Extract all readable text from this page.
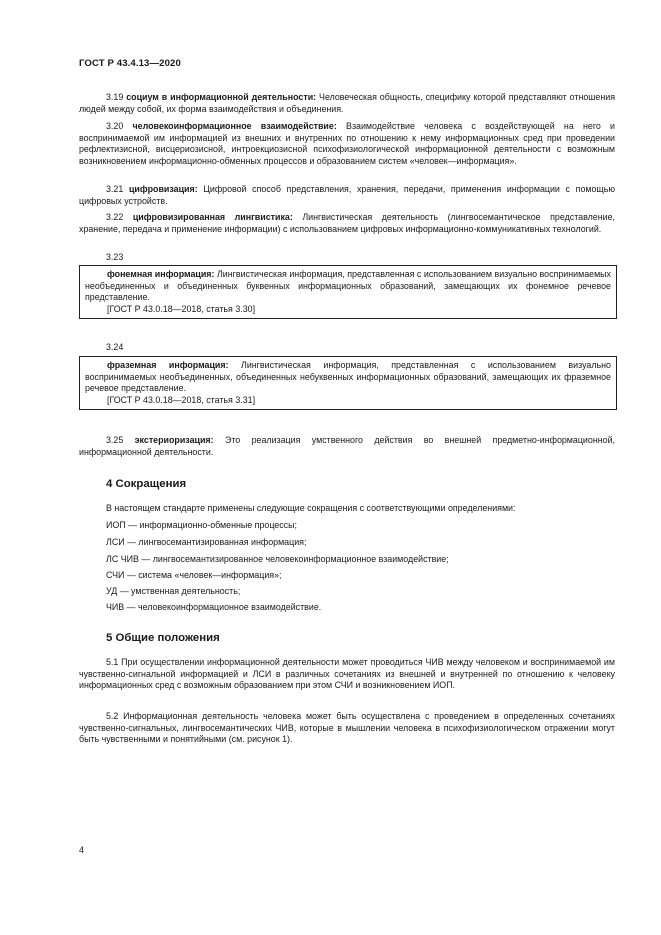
ГОСТ Р 43.4.13—2020
3.19 социум в информационной деятельности: Человеческая общность, специфику которой представляют отношения людей между собой, их форма взаимодействия и объединения.
3.20 человекоинформационное взаимодействие: Взаимодействие человека с воздействующей на него и воспринимаемой им информацией из внешних и внутренних по отношению к нему информационных сред при проведении рефлектизисной, висцериозисной, интроекциозисной психофизиологической информационной деятельности с возможным возникновением информационно-обменных процессов и образованием систем «человек—информация».
3.21 цифровизация: Цифровой способ представления, хранения, передачи, применения информации с помощью цифровых устройств.
3.22 цифровизированная лингвистика: Лингвистическая деятельность (лингвосемантическое представление, хранение, передача и применение информации) с использованием цифровых информационно-коммуникативных технологий.
3.23
фонемная информация: Лингвистическая информация, представленная с использованием визуально воспринимаемых необъединенных и объединенных буквенных информационных образований, замещающих их фонемное речевое представление.
[ГОСТ Р 43.0.18—2018, статья 3.30]
3.24
фраземная информация: Лингвистическая информация, представленная с использованием визуально воспринимаемых необъединенных, объединенных небуквенных информационных образований, замещающих их фраземное речевое представление.
[ГОСТ Р 43.0.18—2018, статья 3.31]
3.25 экстериоризация: Это реализация умственного действия во внешней предметно-информационной, информационной деятельности.
4 Сокращения
В настоящем стандарте применены следующие сокращения с соответствующими определениями:
ИОП — информационно-обменные процессы;
ЛСИ — лингвосемантизированная информация;
ЛС ЧИВ — лингвосемантизированное человекоинформационное взаимодействие;
СЧИ — система «человек—информация»;
УД — умственная деятельность;
ЧИВ — человекоинформационное взаимодействие.
5 Общие положения
5.1 При осуществлении информационной деятельности может проводиться ЧИВ между человеком и воспринимаемой им чувственно-сигнальной информацией и ЛСИ в различных сочетаниях из внешней и внутренней по отношению к человеку информационных сред с возможным образованием при этом СЧИ и возникновением ИОП.
5.2 Информационная деятельность человека может быть осуществлена с проведением в определенных сочетаниях чувственно-сигнальных, лингвосемантических ЧИВ, которые в мышлении человека в психофизиологическом отражении могут быть чувственными и понятийными (см. рисунок 1).
4
